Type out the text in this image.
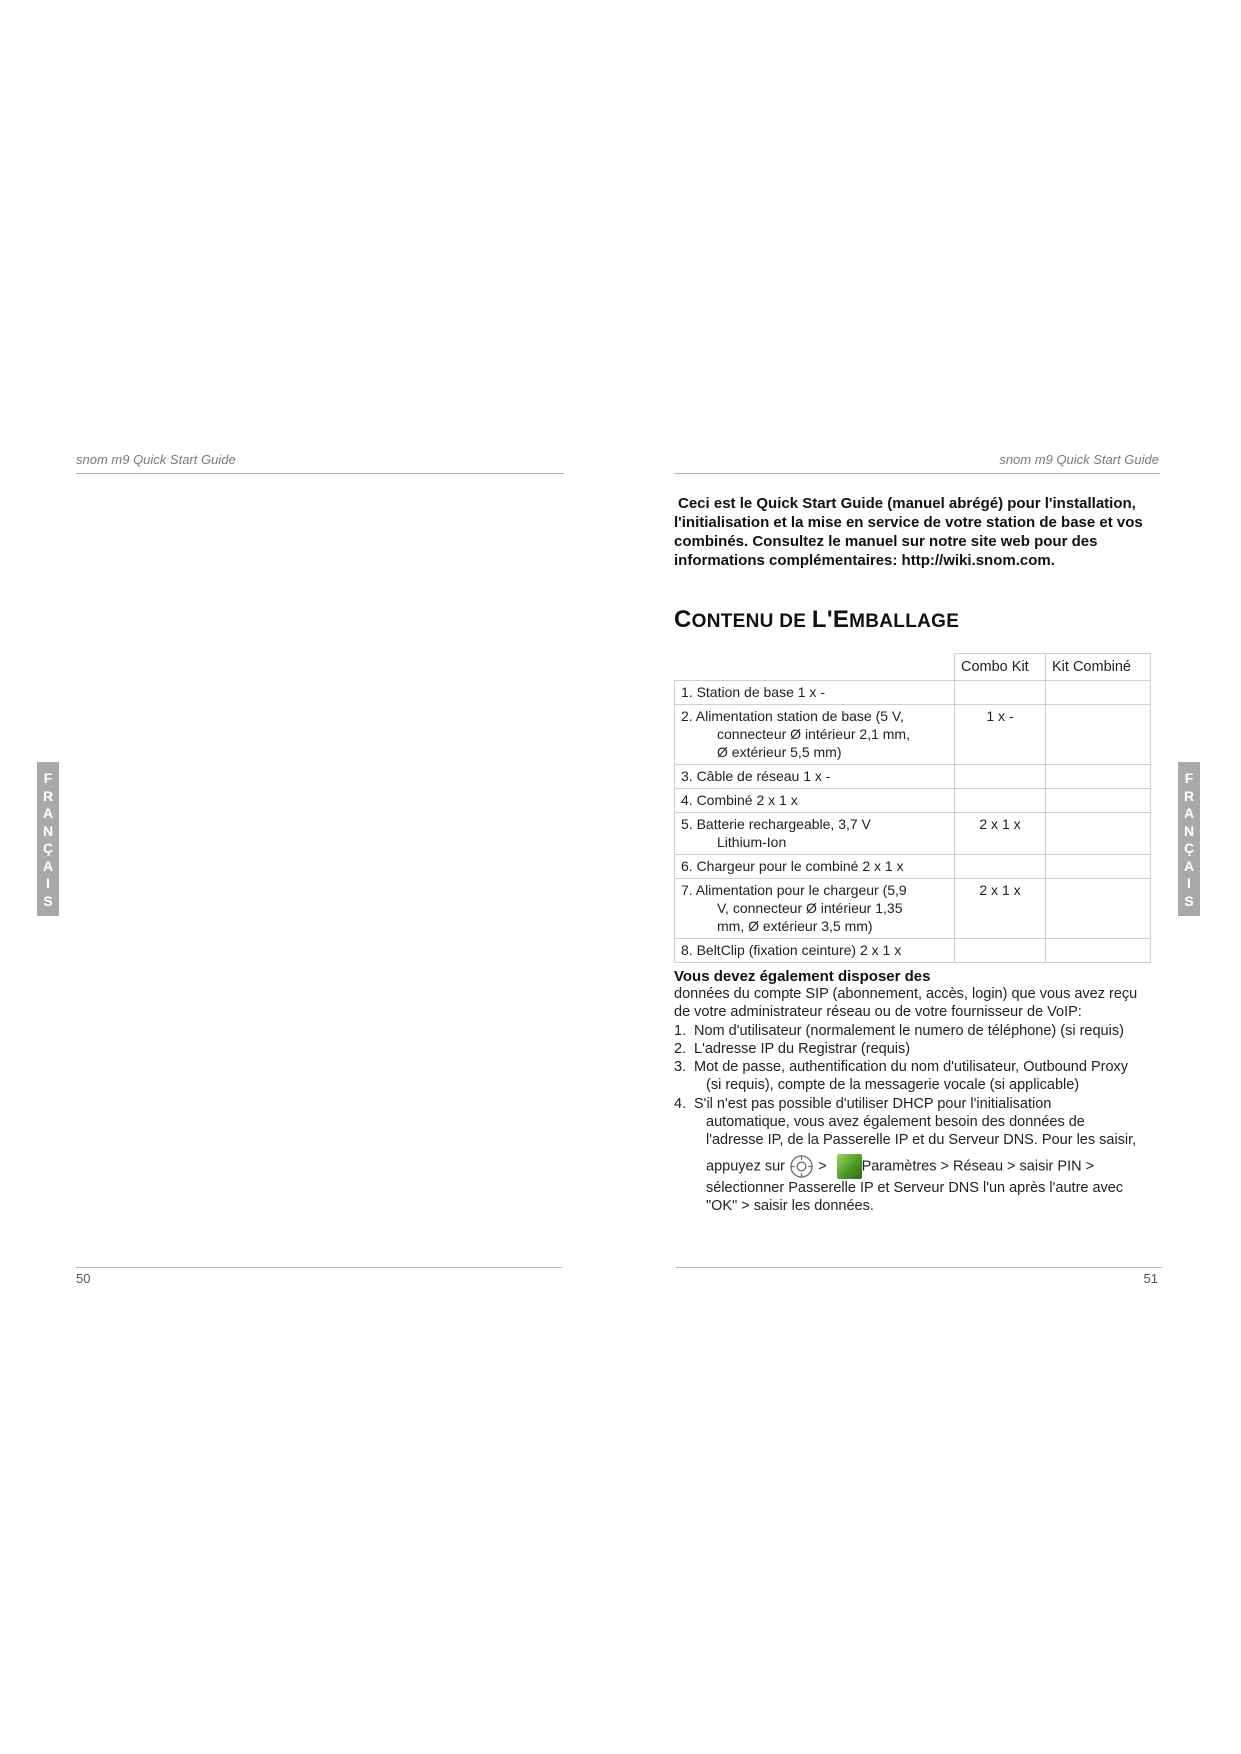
snom m9 Quick Start Guide
F
R
A
N
Ç
A
I
S
50
snom m9 Quick Start Guide
F
R
A
N
Ç
A
I
S
Ceci est le Quick Start Guide (manuel abrégé) pour l'installation, l'initialisation et la mise en service de votre station de base et vos combinés. Consultez le manuel sur notre site web pour des informations complémentaires: http://wiki.snom.com.
CONTENU DE L'EMBALLAGE
	Combo Kit	Kit Combiné
1. Station de base 1 x -		
2. Alimentation station de base (5 V,
connecteur Ø intérieur 2,1 mm,
Ø extérieur 5,5 mm)	1 x -	
3. Câble de réseau 1 x -		
4. Combiné 2 x 1 x		
5. Batterie rechargeable, 3,7 V
Lithium-Ion	2 x 1 x	
6. Chargeur pour le combiné 2 x 1 x		
7. Alimentation pour le chargeur (5,9
V, connecteur Ø intérieur 1,35
mm, Ø extérieur 3,5 mm)	2 x 1 x	
8. BeltClip (fixation ceinture) 2 x 1 x		
Vous devez également disposer des
données du compte SIP (abonnement, accès, login) que vous avez reçu
de votre administrateur réseau ou de votre fournisseur de VoIP:
1. Nom d'utilisateur (normalement le numero de téléphone) (si requis)
2. L'adresse IP du Registrar (requis)
3. Mot de passe, authentification du nom d'utilisateur, Outbound Proxy
(si requis), compte de la messagerie vocale (si applicable)
4. S'il n'est pas possible d'utiliser DHCP pour l'initialisation
automatique, vous avez également besoin des données de
l'adresse IP, de la Passerelle IP et du Serveur DNS. Pour les saisir,
appuyez sur > Paramètres > Réseau > saisir PIN >
sélectionner Passerelle IP et Serveur DNS l'un après l'autre avec
"OK" > saisir les données.
51
